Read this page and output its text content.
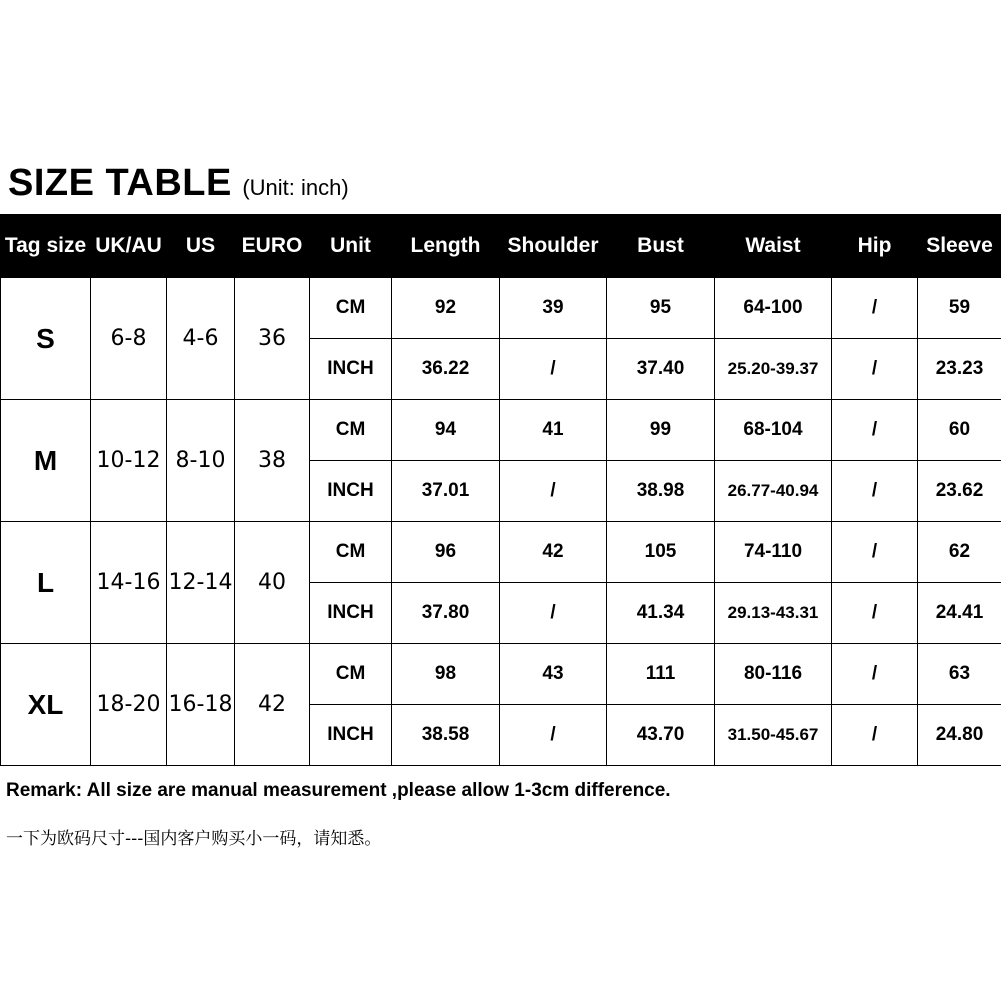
SIZE TABLE (Unit: inch)
Tag size	UK/AU	US	EURO	Unit	Length	Shoulder	Bust	Waist	Hip	Sleeve
S	6-8	4-6	36	CM	92	39	95	64-100	/	59
				INCH	36.22	/	37.40	25.20-39.37	/	23.23
M	10-12	8-10	38	CM	94	41	99	68-104	/	60
				INCH	37.01	/	38.98	26.77-40.94	/	23.62
L	14-16	12-14	40	CM	96	42	105	74-110	/	62
				INCH	37.80	/	41.34	29.13-43.31	/	24.41
XL	18-20	16-18	42	CM	98	43	111	80-116	/	63
				INCH	38.58	/	43.70	31.50-45.67	/	24.80
Remark: All size are manual measurement ,please allow 1-3cm difference.
一下为欧码尺寸---国内客户购买小一码，请知悉。
